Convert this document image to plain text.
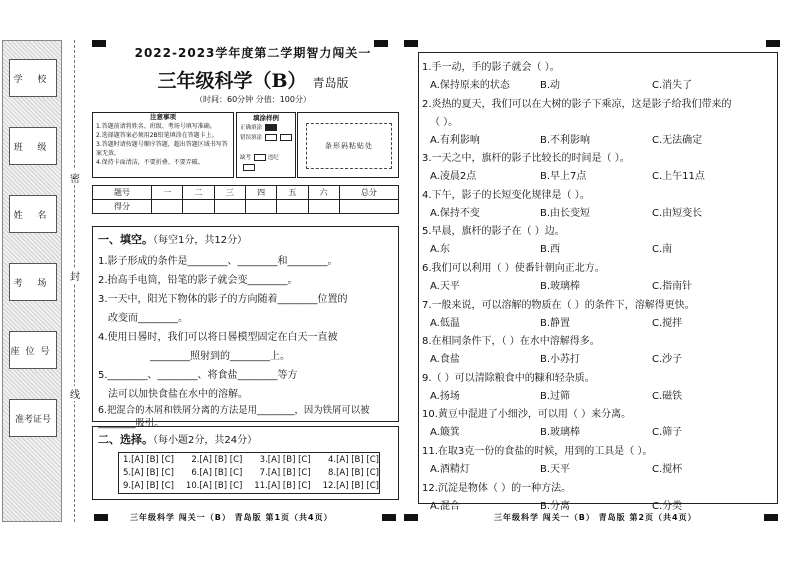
学 校
班 级
姓 名
考 场
座位号
准考证号
密
封
线
2022-2023学年度第二学期智力闯关一
三年级科学（B） 青岛版
（时间：60分钟 分值：100分）
注意事项
1.答题前请将姓名、班级、考场号填写准确。
2.选择题答案必须用2B铅笔填涂在答题卡上。
3.答题时请按题号顺序答题，超出答题区域书写答案无效。
4.保持卡面清洁，不要折叠、不要弄破。
填涂样例
正确填涂
错误填涂
缺考	违纪
条形码粘贴处
题号	一	二	三	四	五	六	总分
得分							
一、填空。（每空1分，共12分）
1.影子形成的条件是________、________和________。
2.抬高手电筒，铅笔的影子就会变________。
3.一天中，阳光下物体的影子的方向随着________位置的
改变而________。
4.使用日晷时，我们可以将日晷模型固定在白天一直被
________照射到的________上。
5.________、________、将食盐________等方
法可以加快食盐在水中的溶解。
6.把混合的木屑和铁屑分离的方法是用________，因为铁屑可以被________吸引。
二、选择。（每小题2分，共24分）
1.[A] [B] [C] 2.[A] [B] [C] 3.[A] [B] [C] 4.[A] [B] [C]
5.[A] [B] [C] 6.[A] [B] [C] 7.[A] [B] [C] 8.[A] [B] [C]
9.[A] [B] [C] 10.[A] [B] [C] 11.[A] [B] [C] 12.[A] [B] [C]
三年级科学 闯关一（B） 青岛版 第1页（共4页）
1.手一动，手的影子就会（ ）。
A.保持原来的状态	B.动	C.消失了
2.炎热的夏天，我们可以在大树的影子下乘凉，这是影子给我们带来的
（ ）。
A.有利影响	B.不利影响	C.无法确定
3.一天之中，旗杆的影子比较长的时间是（ ）。
A.凌晨2点	B.早上7点	C.上午11点
4.下午，影子的长短变化规律是（ ）。
A.保持不变	B.由长变短	C.由短变长
5.早晨，旗杆的影子在（ ）边。
A.东	B.西	C.南
6.我们可以利用（ ）使番针朝向正北方。
A.天平	B.玻璃棒	C.指南针
7.一般来说，可以溶解的物质在（ ）的条件下，溶解得更快。
A.低温	B.静置	C.搅拌
8.在相同条件下，（ ）在水中溶解得多。
A.食盐	B.小苏打	C.沙子
9.（ ）可以清除粮食中的糠和轻杂质。
A.扬场	B.过筛	C.磁铁
10.黄豆中混进了小细沙，可以用（ ）来分离。
A.簸箕	B.玻璃棒	C.筛子
11.在取3克一份的食盐的时候，用到的工具是（ ）。
A.酒精灯	B.天平	C.搅杯
12.沉淀是物体（ ）的一种方法。
A.混合	B.分离	C.分类
三年级科学 闯关一（B） 青岛版 第2页（共4页）
